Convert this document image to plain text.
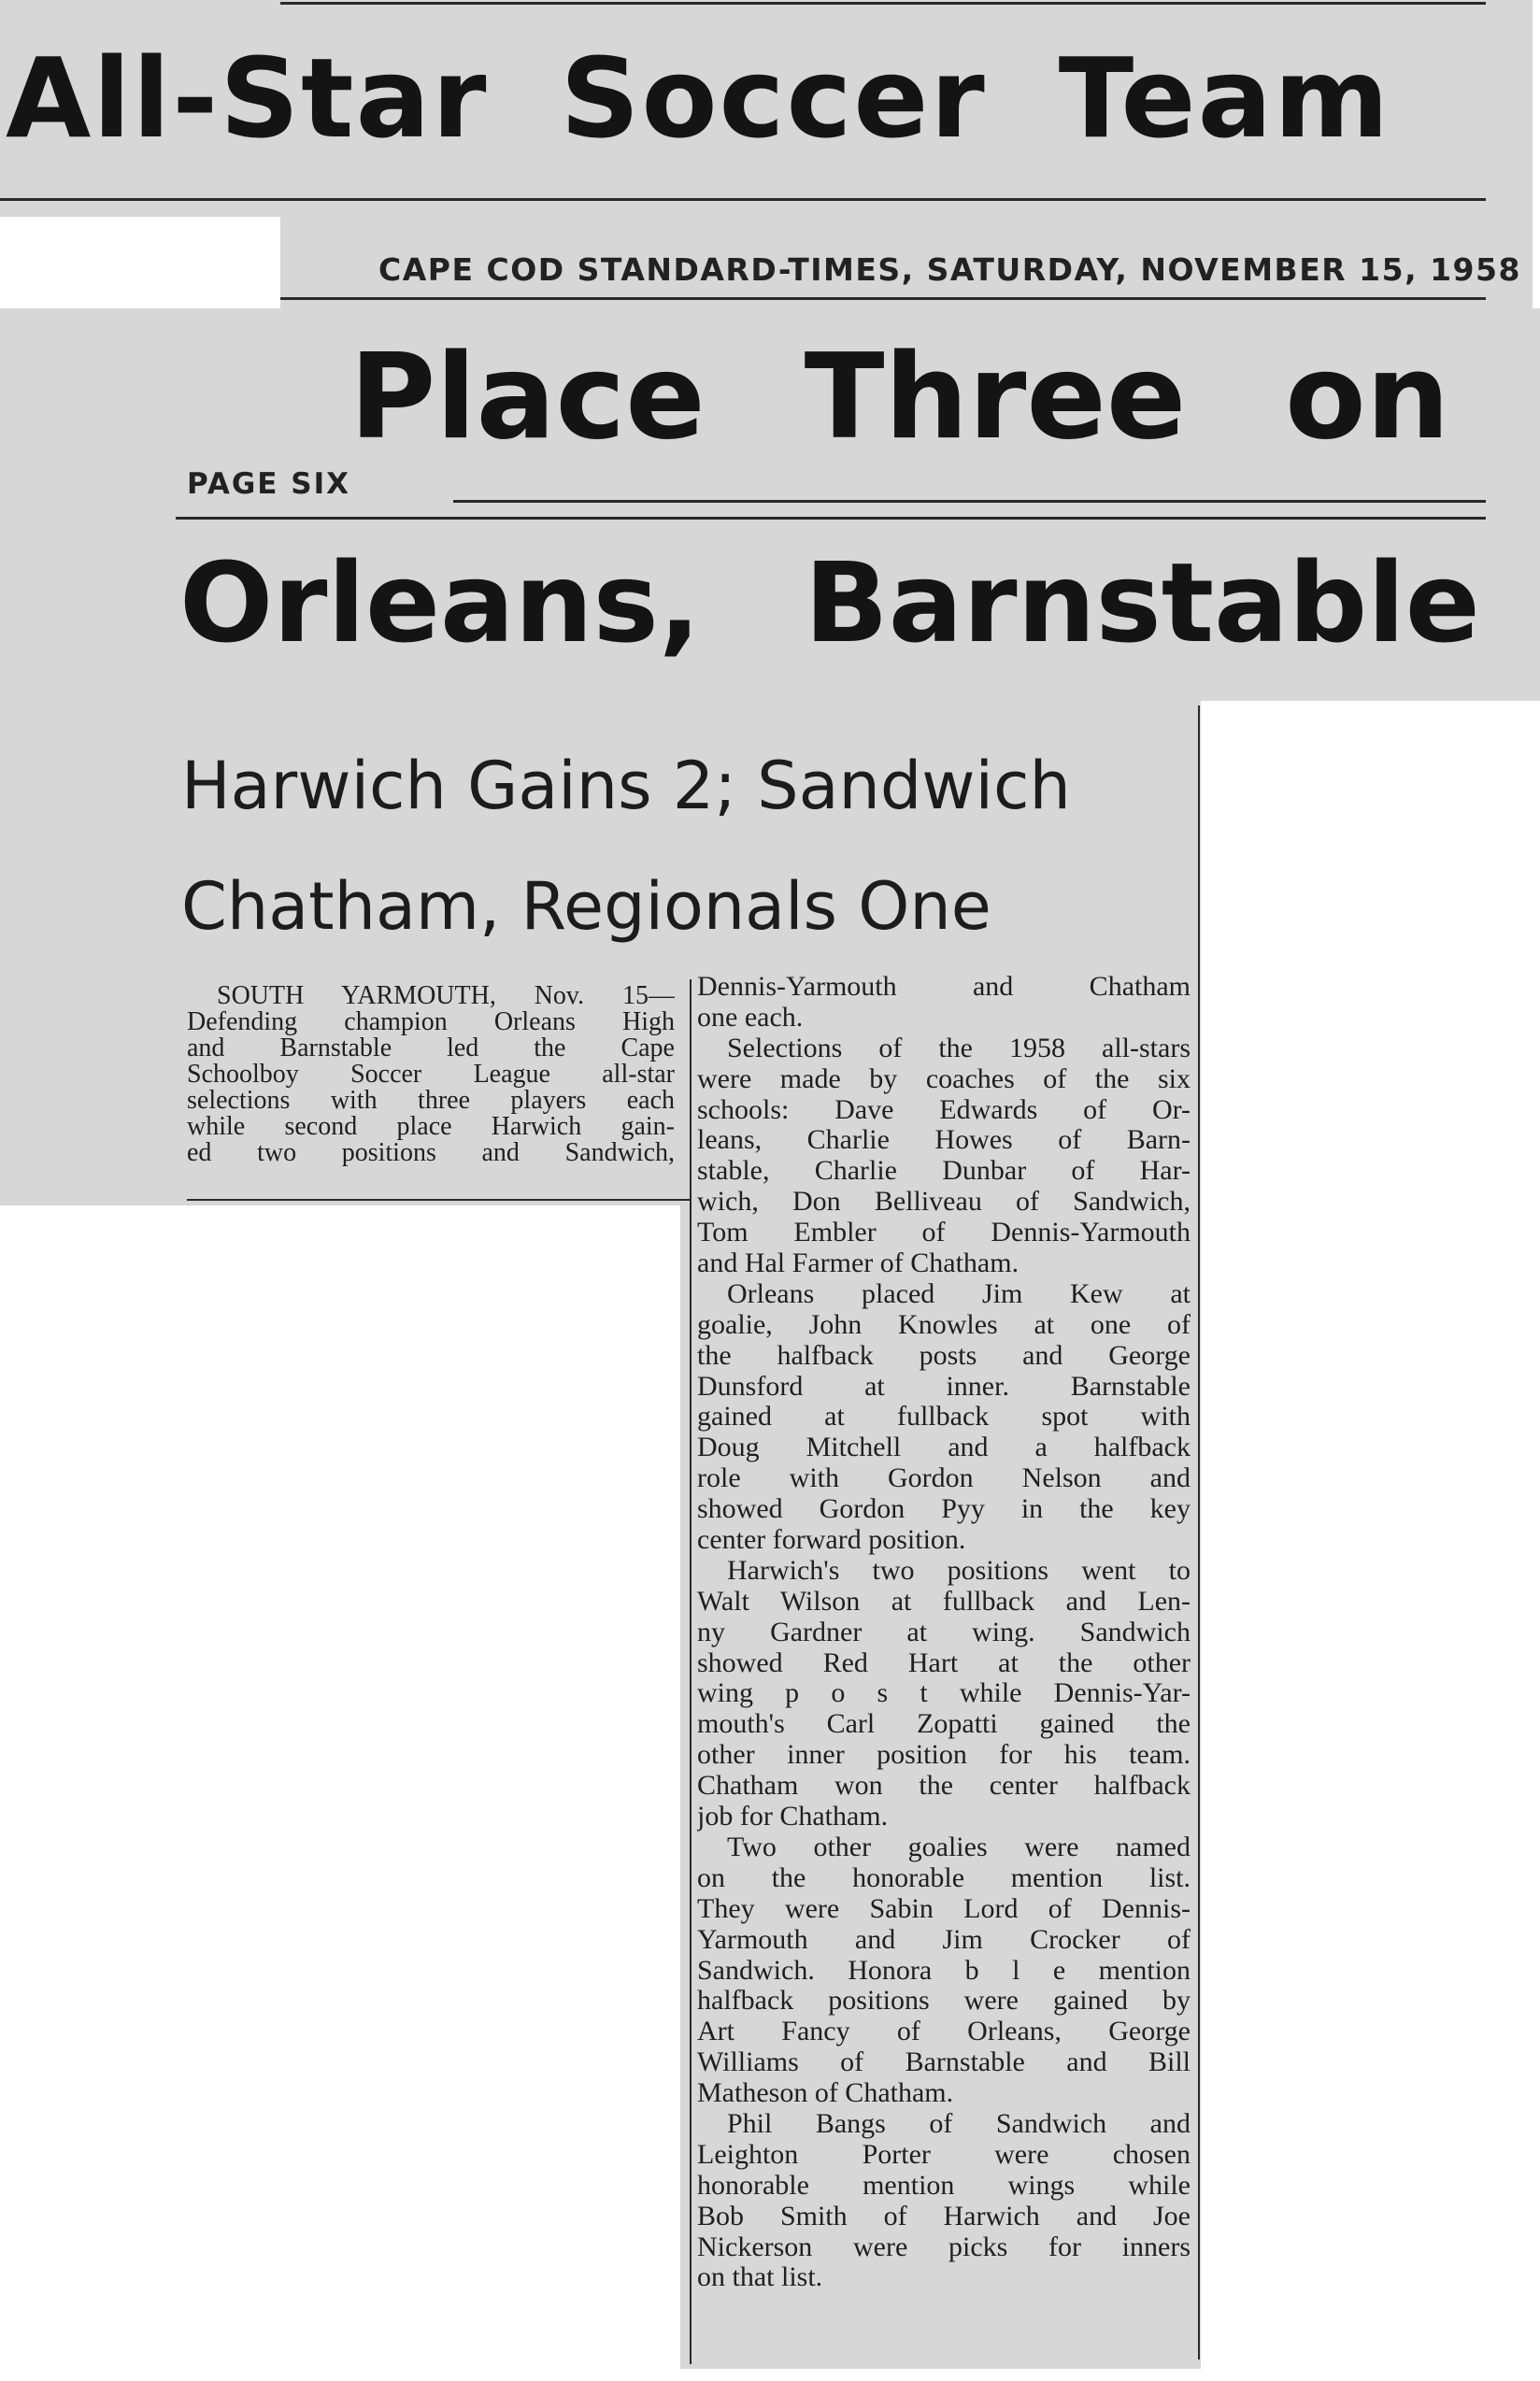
All-Star Soccer Team
CAPE COD STANDARD-TIMES, SATURDAY, NOVEMBER 15, 1958
Place Three on
PAGE SIX
Orleans, Barnstable
Harwich Gains 2; Sandwich
Chatham, Regionals One
SOUTH YARMOUTH, Nov. 15—
Defending champion Orleans High
and Barnstable led the Cape
Schoolboy Soccer League all-star
selections with three players each
while second place Harwich gain-
ed two positions and Sandwich,
Dennis-Yarmouth and Chatham
one each.
Selections of the 1958 all-stars
were made by coaches of the six
schools: Dave Edwards of Or-
leans, Charlie Howes of Barn-
stable, Charlie Dunbar of Har-
wich, Don Belliveau of Sandwich,
Tom Embler of Dennis-Yarmouth
and Hal Farmer of Chatham.
Orleans placed Jim Kew at
goalie, John Knowles at one of
the halfback posts and George
Dunsford at inner. Barnstable
gained at fullback spot with
Doug Mitchell and a halfback
role with Gordon Nelson and
showed Gordon Pyy in the key
center forward position.
Harwich's two positions went to
Walt Wilson at fullback and Len-
ny Gardner at wing. Sandwich
showed Red Hart at the other
wing p o s t while Dennis-Yar-
mouth's Carl Zopatti gained the
other inner position for his team.
Chatham won the center halfback
job for Chatham.
Two other goalies were named
on the honorable mention list.
They were Sabin Lord of Dennis-
Yarmouth and Jim Crocker of
Sandwich. Honora b l e mention
halfback positions were gained by
Art Fancy of Orleans, George
Williams of Barnstable and Bill
Matheson of Chatham.
Phil Bangs of Sandwich and
Leighton Porter were chosen
honorable mention wings while
Bob Smith of Harwich and Joe
Nickerson were picks for inners
on that list.
